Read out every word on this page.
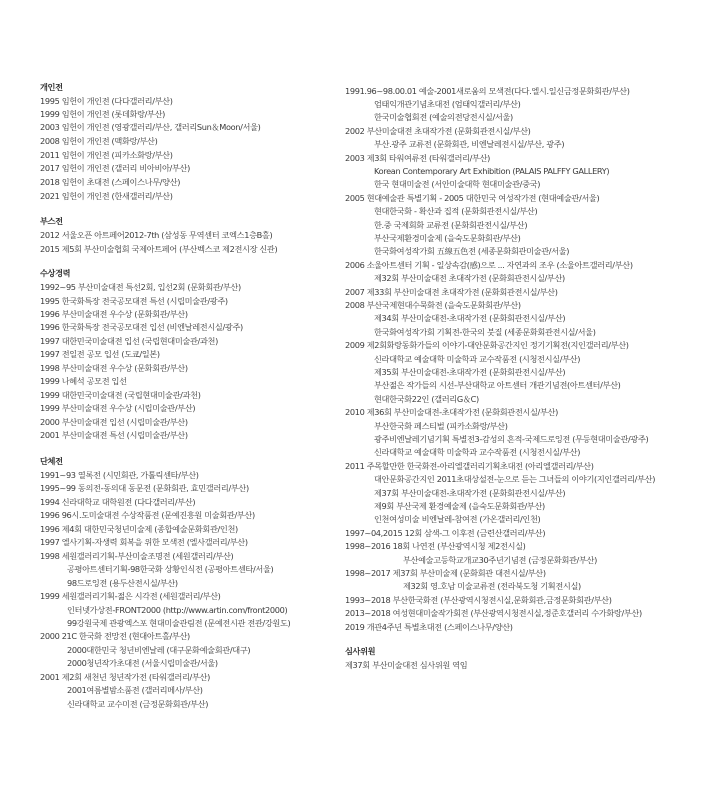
개인전
1995 임헌이 개인전 (다다갤러리/부산)
1999 임헌이 개인전 (롯데화랑/부산)
2003 임헌이 개인전 (영광갤러리/부산, 갤러리Sun＆Moon/서울)
2008 임헌이 개인전 (맥화랑/부산)
2011 임헌이 개인전 (피카소화랑/부산)
2017 임헌이 개인전 (갤러리 비아비아/부산)
2018 임헌이 초대전 (스페이스나무/양산)
2021 임헌이 개인전 (한새갤러리/부산)
부스전
2012 서울오픈 아트페어2012-7th (삼성동 무역센터 코엑스1층B홀)
2015 제5회 부산미술협회 국제아트페어 (부산벡스코 제2전시장 신관)
수상경력
1992~95 부산미술대전 특선2회, 입선2회 (문화회관/부산)
1995 한국화특장 전국공모대전 특선 (시립미술관/광주)
1996 부산미술대전 우수상 (문화회관/부산)
1996 한국화특장 전국공모대전 입선 (비엔날레전시실/광주)
1997 대한민국미술대전 입선 (국립현대미술관/과천)
1997 전일전 공모 입선 (도쿄/일본)
1998 부산미술대전 우수상 (문화회관/부산)
1999 나혜석 공모전 입선
1999 대한민국미술대전 (국립현대미술관/과천)
1999 부산미술대전 우수상 (시립미술관/부산)
2000 부산미술대전 입선 (시립미술관/부산)
2001 부산미술대전 특선 (시립미술관/부산)
단체전
1991~93 열록전 (시민회관, 가톨릭센타/부산)
1995~99 동의전-동의대 동문전 (문화회관, 효민갤러리/부산)
1994 신라대학교 대학원전 (다다갤러리/부산)
1996 96시.도미술대전 수상작품전 (문예진흥원 미술회관/부산)
1996 제4회 대한민국청년미술제 (종합예술문화회관/인천)
1997 엘사기획-자생력 회복을 위한 모색전 (엘사갤러리/부산)
1998 세원갤러리기획-부산미술조명전 (세원갤러리/부산)
공평아트센터기획-98한국화 상황인식전 (공평아트센타/서울)
98드로잉전 (용두산전시실/부산)
1999 세원갤러리기획-젊은 시각전 (세원갤러리/부산)
인터넷가상전-FRONT2000 (http://www.artin.com/front2000)
99강원국제 관광엑스포 현대미술관림전 (문예전시관 전관/강원도)
2000 21C 한국화 전망전 (현대아트홀/부산)
2000대한민국 청년비엔날레 (대구문화예술회관/대구)
2000청년작가초대전 (서울시립미술관/서울)
2001 제2회 새천년 청년작가전 (타워갤러리/부산)
2001여름별밤소품전 (갤러리메사/부산)
신라대학교 교수미전 (금정문화회관/부산)
1991.96~98.00.01 예술-2001새로움의 모색전(다다.엘시.일신금정문화회관/부산)
엄태익개관기념초대전 (엄태익갤러리/부산)
한국미술협회전 (예술의전당전시실/서울)
2002 부산미술대전 초대작가전 (문화회관전시실/부산)
부산.광주 교류전 (문화회관, 비엔날레전시실/부산, 광주)
2003 제3회 타워여류전 (타워갤러리/부산)
Korean Contemporary Art Exhibition (PALAIS PALFFY GALLERY)
한국 현대미술전 (서안미술대학 현대미술관/중국)
2005 현대예술관 특별기획 - 2005 대한민국 여성작가전 (현대예술관/서울)
현대한국화 - 확산과 집적 (문화회관전시실/부산)
한.중 국제회화 교류전 (문화회관전시실/부산)
부산국제환경미술제 (을숙도문화회관/부산)
한국화여성작가회 五線五色전 (세종문화회관미술관/서울)
2006 소울아트센터 기획 - 일상속감(感)으로 ... 자연과의 조우 (소울아트갤러리/부산)
제32회 부산미술대전 초대작가전 (문화회관전시실/부산)
2007 제33회 부산미술대전 초대작가전 (문화회관전시실/부산)
2008 부산국제현대수묵화전 (을숙도문화회관/부산)
제34회 부산미술대전-초대작가전 (문화회관전시실/부산)
한국화여성작가회 기획전-한국의 붓질 (세종문화회관전시실/서울)
2009 제2회화랑동화가들의 이야기-대안문화공간지인 정기기획전(지인갤러리/부산)
신라대학교 예술대학 미술학과 교수작품전 (시청전시실/부산)
제35회 부산미술대전-초대작가전 (문화회관전시실/부산)
부산젊은 작가들의 시선-부산대학교 아트센터 개관기념전(아트센터/부산)
현대한국화22인 (갤러리G＆C)
2010 제36회 부산미술대전-초대작가전 (문화회관전시실/부산)
부산한국화 페스티벌 (피카소화랑/부산)
광주비엔날레기념기획 특별전3-감성의 흔적-국제드로잉전 (무등현대미술관/광주)
신라대학교 예술대학 미술학과 교수작품전 (시청전시실/부산)
2011 주목할만한 한국화전-아리엘갤러리기획초대전 (아리엘갤러리/부산)
대안문화공간지인 2011초대상설전-눈으로 듣는 그녀들의 이야기(지인갤러리/부산)
제37회 부산미술대전-초대작가전 (문화회관전시실/부산)
제9회 부산국제 환경예술제 (을숙도문화회관/부산)
인천여성미술 비엔날레-참여전 (가온갤러리/인천)
1997~04,2015 12회 삼색-그 이후전 (금련산갤러리/부산)
1998~2016 18회 나연전 (부산광역시청 제2전시실)
부산예술고등학교개교30주년기념전 (금정문화회관/부산)
1998~2017 제37회 부산미술제 (문화회관 대전시실/부산)
제32회 영.호남 미술교류전 (전라북도청 기획전시실)
1993~2018 부산한국화전 (부산광역시청전시실,문화회관,금정문화회관/부산)
2013~2018 여성현대미술작가회전 (부산광역시청전시실,정준호갤러리 수가화랑/부산)
2019 개관4주년 특별초대전 (스페이스나무/양산)
심사위원
제37회 부산미술대전 심사위원 역임
